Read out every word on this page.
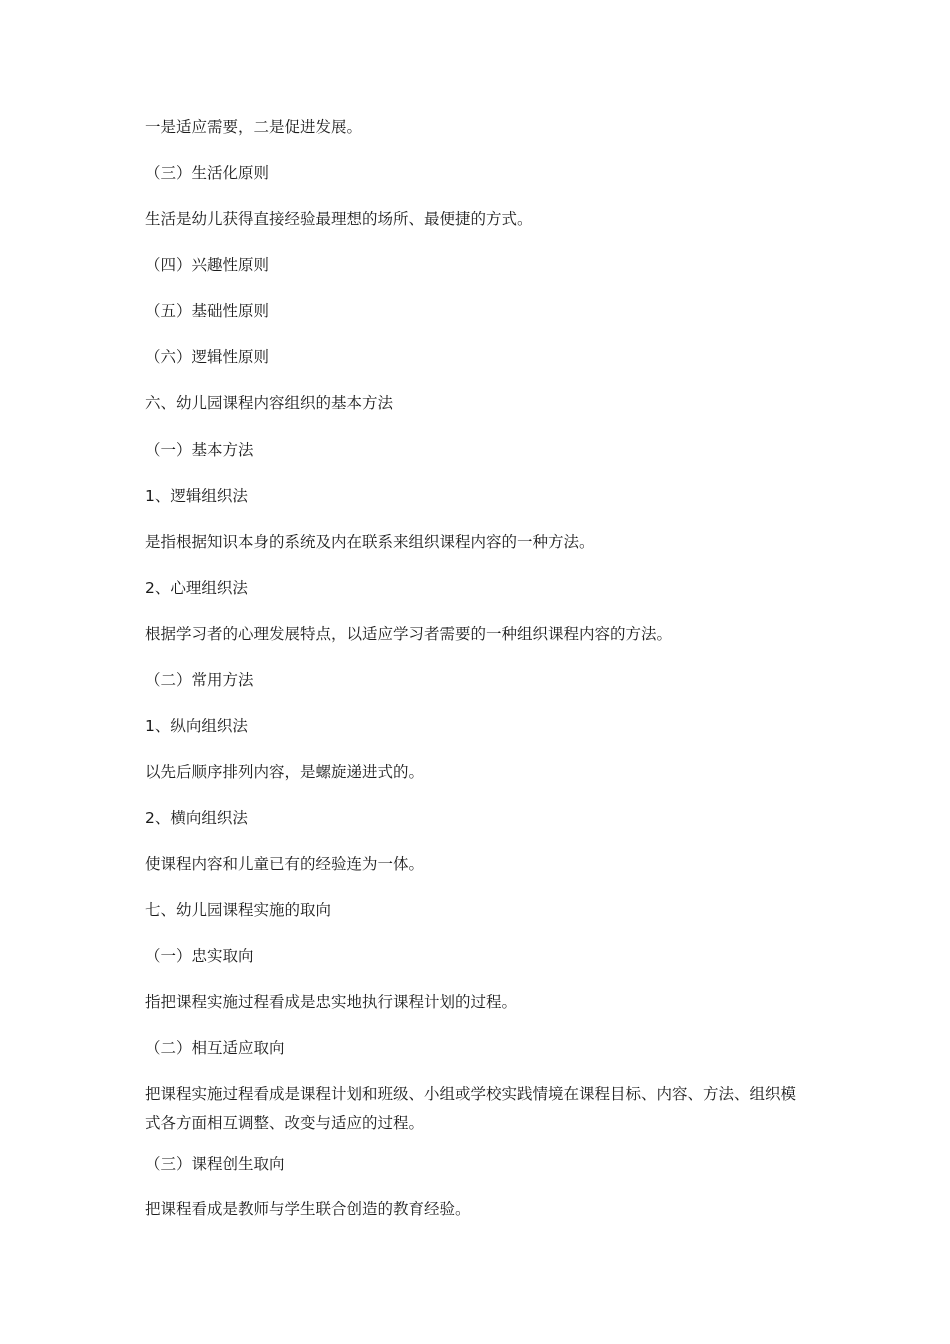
一是适应需要，二是促进发展。
（三）生活化原则
生活是幼儿获得直接经验最理想的场所、最便捷的方式。
（四）兴趣性原则
（五）基础性原则
（六）逻辑性原则
六、幼儿园课程内容组织的基本方法
（一）基本方法
1、逻辑组织法
是指根据知识本身的系统及内在联系来组织课程内容的一种方法。
2、心理组织法
根据学习者的心理发展特点，以适应学习者需要的一种组织课程内容的方法。
（二）常用方法
1、纵向组织法
以先后顺序排列内容，是螺旋递进式的。
2、横向组织法
使课程内容和儿童已有的经验连为一体。
七、幼儿园课程实施的取向
（一）忠实取向
指把课程实施过程看成是忠实地执行课程计划的过程。
（二）相互适应取向
把课程实施过程看成是课程计划和班级、小组或学校实践情境在课程目标、内容、方法、组织模式各方面相互调整、改变与适应的过程。
（三）课程创生取向
把课程看成是教师与学生联合创造的教育经验。
